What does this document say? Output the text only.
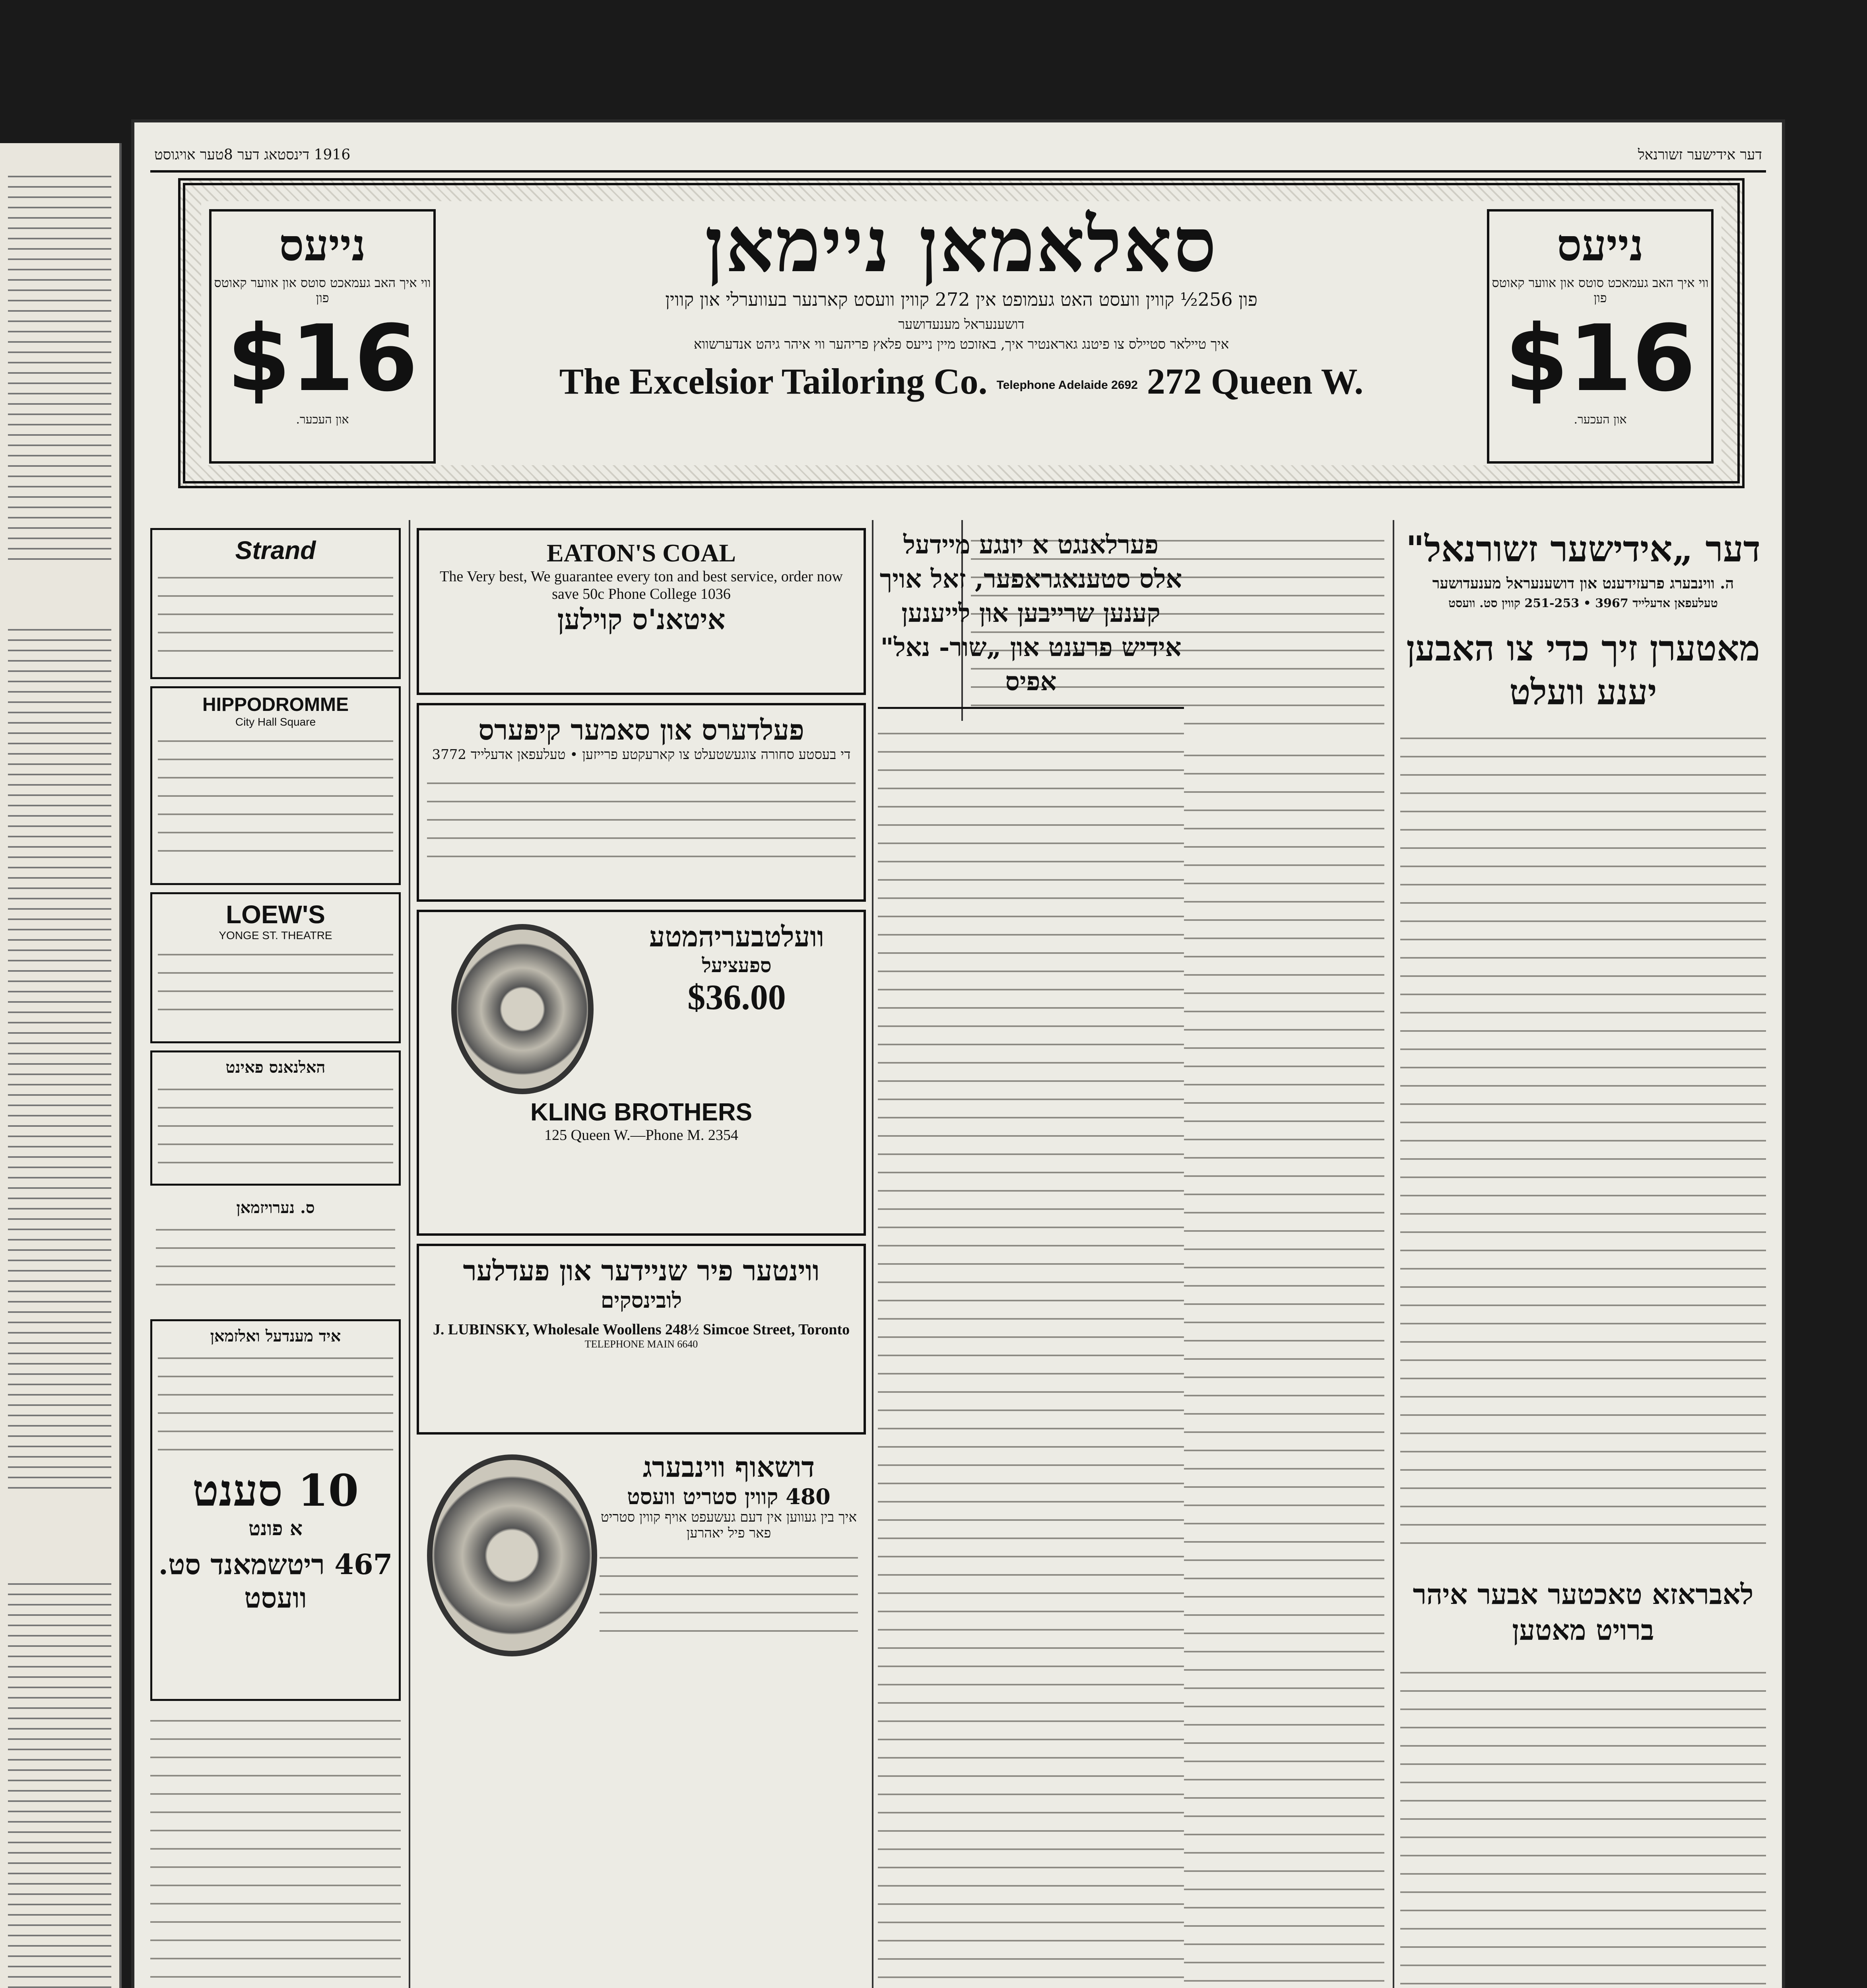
1916 דינסטאג דער 8טער אויגוסט	דער אידישער זשורנאל
נייעס
ווי איך האב געמאכט סוטס און אווער קאוטס פון
$16
און העכער.
סאלאמאן ניימאן
פון 256½ קווין וועסט האט געמופט אין 272 קווין וועסט קארנער בעווערלי און קווין
דושענעראל מענעדושער
איך טיילאר סטיילס צו פיטנג גאראנטיר איך, באזוכט מיין נייעס פלאץ פריהער ווי איהר גיהט אנדערשווא
The Excelsior Tailoring Co. Telephone Adelaide 2692 272 Queen W.
נייעס
ווי איך האב געמאכט סוטס און אווער קאוטס פון
$16
און העכער.
דער „אידישער זשורנאל"
ה. ווינבערג פרעזידענט און דושענעראל מענעדושער
טעלעפאן אדעלייד 3967 • 251-253 קווין סט. וועסט
מאטערן זיך כדי צו האבען יענע וועלט
לאבראזא טאכטער אבער איהר ברויט מאטען
פערלאנגט א יונגע מיידעל אלס סטענאגראפער, זאל אויך קענען שרייבען און לייענען אידיש פרענט און „שור- נאל" אפיס
EATON'S COAL
The Very best, We guarantee every ton and best service, order now save 50c Phone College 1036
איטאנ'ס קוילען
פעלדערס און סאמער קיפערס
די בעסטע סחורה צוגעשטעלט צו קארעקטע פרייזען • טעלעפאן אדעלייד 3772
וועלטבעריהמטע
ספעציעל
$36.00
KLING BROTHERS
125 Queen W.—Phone M. 2354
ווינטער פיר שניידער און פעדלער
לובינסקים
J. LUBINSKY, Wholesale Woollens 248½ Simcoe Street, Toronto
TELEPHONE MAIN 6640
דושאוף ווינבערג
480 קווין סטריט וועסט
איך בין געווען אין דעם געשעפט אויף קווין סטריט פאר פיל יאהרען
Strand
HIPPODROMME
City Hall Square
LOEW'S
YONGE ST. THEATRE
האלנאנס פאינט
ס. נערויזמאן
איד מענדעל ואלזמאן
10 סענט
א פונט
467 ריטשמאנד סט. וועסט
